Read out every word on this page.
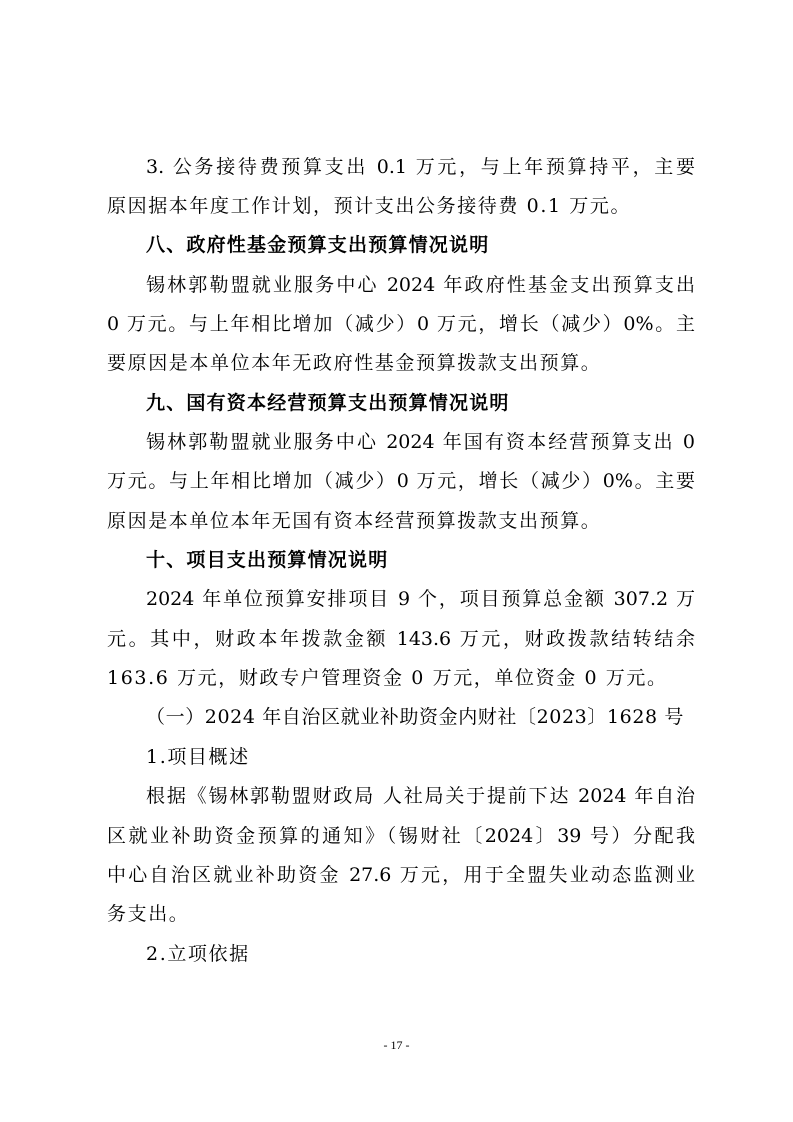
3. 公务接待费预算支出 0.1 万元，与上年预算持平，主要
原因据本年度工作计划，预计支出公务接待费 0.1 万元。
八、政府性基金预算支出预算情况说明
锡林郭勒盟就业服务中心 2024 年政府性基金支出预算支出
0 万元。与上年相比增加（减少）0 万元，增长（减少）0%。主
要原因是本单位本年无政府性基金预算拨款支出预算。
九、国有资本经营预算支出预算情况说明
锡林郭勒盟就业服务中心 2024 年国有资本经营预算支出 0
万元。与上年相比增加（减少）0 万元，增长（减少）0%。主要
原因是本单位本年无国有资本经营预算拨款支出预算。
十、项目支出预算情况说明
2024 年单位预算安排项目 9 个，项目预算总金额 307.2 万
元。其中，财政本年拨款金额 143.6 万元，财政拨款结转结余
163.6 万元，财政专户管理资金 0 万元，单位资金 0 万元。
（一）2024 年自治区就业补助资金内财社〔2023〕1628 号
1.项目概述
根据《锡林郭勒盟财政局 人社局关于提前下达 2024 年自治
区就业补助资金预算的通知》（锡财社〔2024〕39 号）分配我
中心自治区就业补助资金 27.6 万元，用于全盟失业动态监测业
务支出。
2.立项依据
- 17 -
